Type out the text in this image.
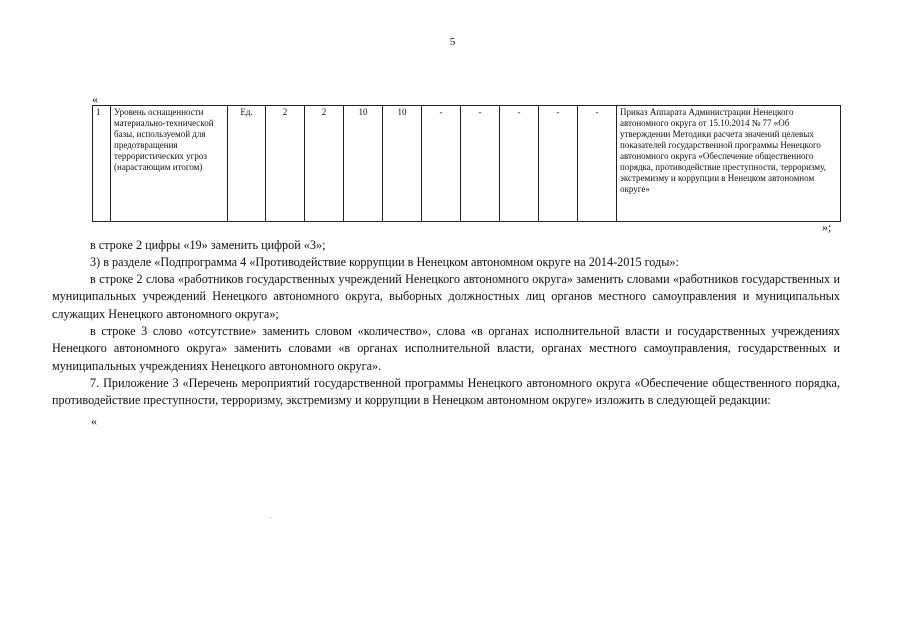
5
«
1	Уровень оснащенности материально-технической базы, используемой для предотвращения террористических угроз (нарастающим итогом)	Ед.	2	2	10	10	-	-	-	-	-	Приказ Аппарата Администрации Ненецкого автономного округа от 15.10.2014 № 77 «Об утверждении Методики расчета значений целевых показателей государственной программы Ненецкого автономного округа «Обеспечение общественного порядка, противодействие преступности, терроризму, экстремизму и коррупции в Ненецком автономном округе»
»;

в строке 2 цифры «19» заменить цифрой «3»;

3) в разделе «Подпрограмма 4 «Противодействие коррупции в Ненецком автономном округе на 2014-2015 годы»:

в строке 2 слова «работников государственных учреждений Ненецкого автономного округа» заменить словами «работников государственных и муниципальных учреждений Ненецкого автономного округа, выборных должностных лиц органов местного самоуправления и муниципальных служащих Ненецкого автономного округа»;

в строке 3 слово «отсутствие» заменить словом «количество», слова «в органах исполнительной власти и государственных учреждениях Ненецкого автономного округа» заменить словами «в органах исполнительной власти, органах местного самоуправления, государственных и муниципальных учреждениях Ненецкого автономного округа».

7. Приложение 3 «Перечень мероприятий государственной программы Ненецкого автономного округа «Обеспечение общественного порядка, противодействие преступности, терроризму, экстремизму и коррупции в Ненецком автономном округе» изложить в следующей редакции:

«
